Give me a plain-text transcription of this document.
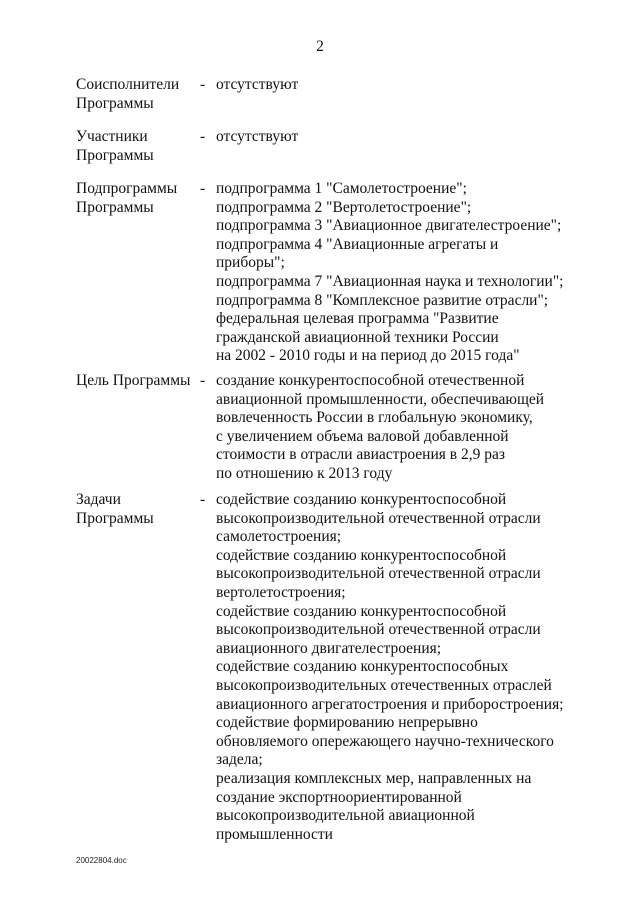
2
Соисполнители
Программы
- отсутствуют
Участники
Программы
- отсутствуют
Подпрограммы
Программы
- подпрограмма 1 "Самолетостроение";
подпрограмма 2 "Вертолетостроение";
подпрограмма 3 "Авиационное двигателестроение";
подпрограмма 4 "Авиационные агрегаты и
приборы";
подпрограмма 7 "Авиационная наука и технологии";
подпрограмма 8 "Комплексное развитие отрасли";
федеральная целевая программа "Развитие
гражданской авиационной техники России
на 2002 - 2010 годы и на период до 2015 года"
Цель Программы - создание конкурентоспособной отечественной
авиационной промышленности, обеспечивающей
вовлеченность России в глобальную экономику,
с увеличением объема валовой добавленной
стоимости в отрасли авиастроения в 2,9 раз
по отношению к 2013 году
Задачи
Программы
- содействие созданию конкурентоспособной
высокопроизводительной отечественной отрасли
самолетостроения;
содействие созданию конкурентоспособной
высокопроизводительной отечественной отрасли
вертолетостроения;
содействие созданию конкурентоспособной
высокопроизводительной отечественной отрасли
авиационного двигателестроения;
содействие созданию конкурентоспособных
высокопроизводительных отечественных отраслей
авиационного агрегатостроения и приборостроения;
содействие формированию непрерывно
обновляемого опережающего научно-технического
задела;
реализация комплексных мер, направленных на
создание экспортноориентированной
высокопроизводительной авиационной
промышленности
20022804.doc
